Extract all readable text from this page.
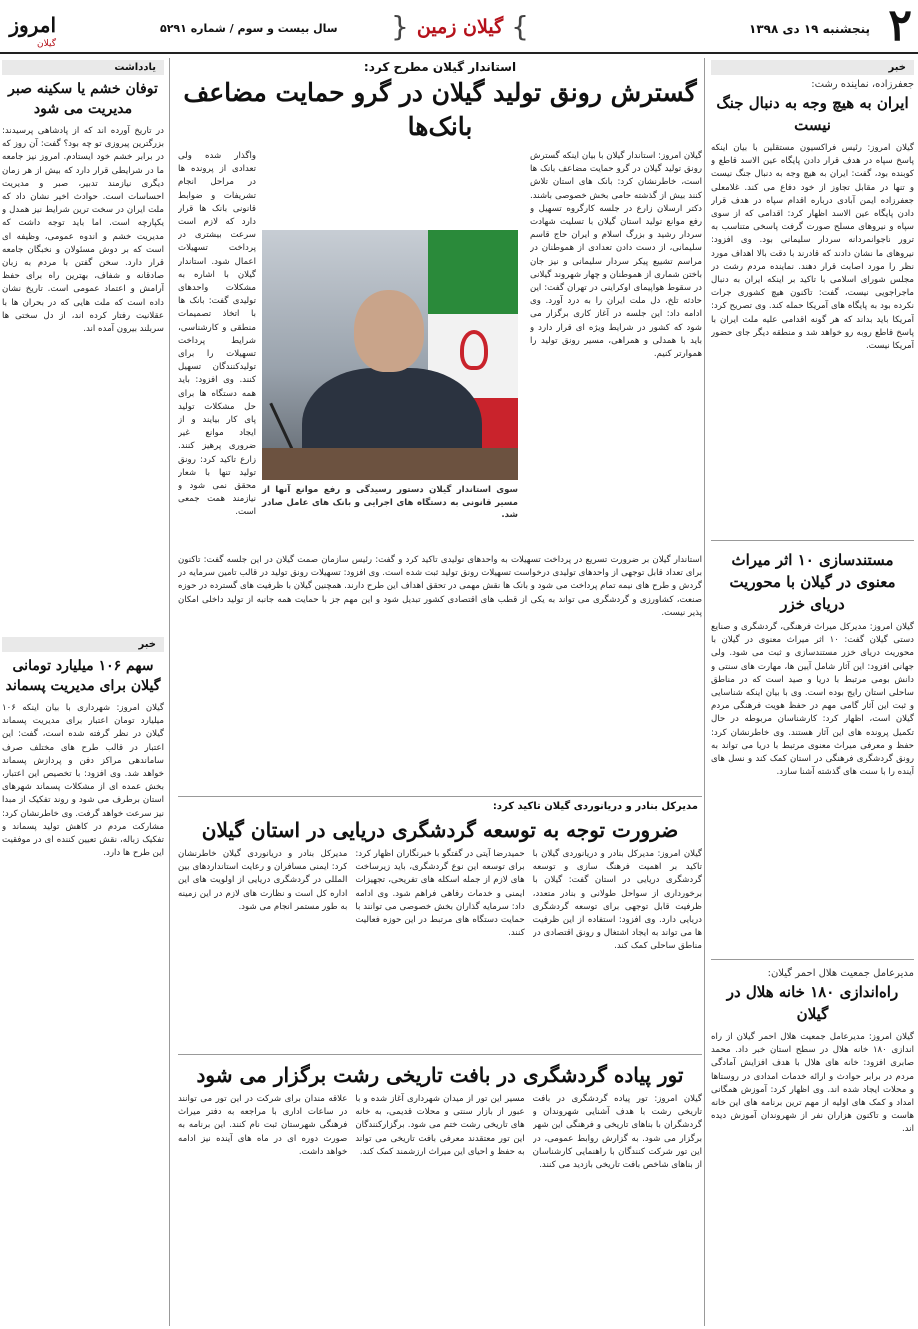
۲
پنجشنبه ۱۹ دی ۱۳۹۸
}
گیلان زمین
{
سال بیست و سوم / شماره ۵۲۹۱
امروز
گیلان
خبر
جعفرزاده، نماینده رشت:
ایران به هیچ وجه به دنبال جنگ نیست
گیلان امروز: رئیس فراکسیون مستقلین با بیان اینکه پاسخ سپاه در هدف قرار دادن پایگاه عین الاسد قاطع و کوبنده بود، گفت: ایران به هیچ وجه به دنبال جنگ نیست و تنها در مقابل تجاوز از خود دفاع می کند. غلامعلی جعفرزاده ایمن آبادی درباره اقدام سپاه در هدف قرار دادن پایگاه عین الاسد اظهار کرد: اقدامی که از سوی سپاه و نیروهای مسلح صورت گرفت پاسخی متناسب به ترور ناجوانمردانه سردار سلیمانی بود. وی افزود: نیروهای ما نشان دادند که قادرند با دقت بالا اهداف مورد نظر را مورد اصابت قرار دهند. نماینده مردم رشت در مجلس شورای اسلامی با تاکید بر اینکه ایران به دنبال ماجراجویی نیست، گفت: تاکنون هیچ کشوری جرات نکرده بود به پایگاه های آمریکا حمله کند. وی تصریح کرد: آمریکا باید بداند که هر گونه اقدامی علیه ملت ایران با پاسخ قاطع روبه رو خواهد شد و منطقه دیگر جای حضور آمریکا نیست.
مستندسازی ۱۰ اثر میراث معنوی در گیلان با محوریت دریای خزر
گیلان امروز: مدیرکل میراث فرهنگی، گردشگری و صنایع دستی گیلان گفت: ۱۰ اثر میراث معنوی در گیلان با محوریت دریای خزر مستندسازی و ثبت می شود. ولی جهانی افزود: این آثار شامل آیین ها، مهارت های سنتی و دانش بومی مرتبط با دریا و صید است که در مناطق ساحلی استان رایج بوده است. وی با بیان اینکه شناسایی و ثبت این آثار گامی مهم در حفظ هویت فرهنگی مردم گیلان است، اظهار کرد: کارشناسان مربوطه در حال تکمیل پرونده های این آثار هستند. وی خاطرنشان کرد: حفظ و معرفی میراث معنوی مرتبط با دریا می تواند به رونق گردشگری فرهنگی در استان کمک کند و نسل های آینده را با سنت های گذشته آشنا سازد.
مدیرعامل جمعیت هلال احمر گیلان:
راه‌اندازی ۱۸۰ خانه هلال در گیلان
گیلان امروز: مدیرعامل جمعیت هلال احمر گیلان از راه اندازی ۱۸۰ خانه هلال در سطح استان خبر داد. محمد صابری افزود: خانه های هلال با هدف افزایش آمادگی مردم در برابر حوادث و ارائه خدمات امدادی در روستاها و محلات ایجاد شده اند. وی اظهار کرد: آموزش همگانی امداد و کمک های اولیه از مهم ترین برنامه های این خانه هاست و تاکنون هزاران نفر از شهروندان آموزش دیده اند.
یادداشت
توفان خشم یا سکینه صبر مدیریت می شود
در تاریخ آورده اند که از پادشاهی پرسیدند: بزرگترین پیروزی تو چه بود؟ گفت: آن روز که در برابر خشم خود ایستادم. امروز نیز جامعه ما در شرایطی قرار دارد که بیش از هر زمان دیگری نیازمند تدبیر، صبر و مدیریت احساسات است. حوادث اخیر نشان داد که ملت ایران در سخت ترین شرایط نیز همدل و یکپارچه است. اما باید توجه داشت که مدیریت خشم و اندوه عمومی، وظیفه ای است که بر دوش مسئولان و نخبگان جامعه قرار دارد. سخن گفتن با مردم به زبان صادقانه و شفاف، بهترین راه برای حفظ آرامش و اعتماد عمومی است. تاریخ نشان داده است که ملت هایی که در بحران ها با عقلانیت رفتار کرده اند، از دل سختی ها سربلند بیرون آمده اند.
خبر
سهم ۱۰۶ میلیارد تومانی گیلان برای مدیریت پسماند
گیلان امروز: شهرداری با بیان اینکه ۱۰۶ میلیارد تومان اعتبار برای مدیریت پسماند گیلان در نظر گرفته شده است، گفت: این اعتبار در قالب طرح های مختلف صرف ساماندهی مراکز دفن و پردازش پسماند خواهد شد. وی افزود: با تخصیص این اعتبار، بخش عمده ای از مشکلات پسماند شهرهای استان برطرف می شود و روند تفکیک از مبدا نیز سرعت خواهد گرفت. وی خاطرنشان کرد: مشارکت مردم در کاهش تولید پسماند و تفکیک زباله، نقش تعیین کننده ای در موفقیت این طرح ها دارد.
استاندار گیلان مطرح کرد:
گسترش رونق تولید گیلان در گرو حمایت مضاعف بانک‌ها
گیلان امروز: استاندار گیلان با بیان اینکه گسترش رونق تولید گیلان در گرو حمایت مضاعف بانک ها است، خاطرنشان کرد: بانک های استان تلاش کنند بیش از گذشته حامی بخش خصوصی باشند. دکتر ارسلان زارع در جلسه کارگروه تسهیل و رفع موانع تولید استان گیلان با تسلیت شهادت سردار رشید و بزرگ اسلام و ایران حاج قاسم سلیمانی، از دست دادن تعدادی از هموطنان در مراسم تشییع پیکر سردار سلیمانی و نیز جان باختن شماری از هموطنان و چهار شهروند گیلانی در سقوط هواپیمای اوکراینی در تهران گفت: این حادثه تلخ، دل ملت ایران را به درد آورد. وی ادامه داد: این جلسه در آغاز کاری برگزار می شود که کشور در شرایط ویژه ای قرار دارد و باید با همدلی و همراهی، مسیر رونق تولید را هموارتر کنیم.
واگذار شده ولی تعدادی از پرونده ها در مراحل انجام تشریفات و ضوابط قانونی بانک ها قرار دارد که لازم است سرعت بیشتری در پرداخت تسهیلات اعمال شود. استاندار گیلان با اشاره به مشکلات واحدهای تولیدی گفت: بانک ها با اتخاذ تصمیمات منطقی و کارشناسی، شرایط پرداخت تسهیلات را برای تولیدکنندگان تسهیل کنند. وی افزود: باید همه دستگاه ها برای حل مشکلات تولید پای کار بیایند و از ایجاد موانع غیر ضروری پرهیز کنند. زارع تاکید کرد: رونق تولید تنها با شعار محقق نمی شود و نیازمند همت جمعی است.
سوی استاندار گیلان دستور رسیدگی و رفع موانع آنها از مسیر قانونی به دستگاه های اجرایی و بانک های عامل صادر شد.
استاندار گیلان بر ضرورت تسریع در پرداخت تسهیلات به واحدهای تولیدی تاکید کرد و گفت: رئیس سازمان صمت گیلان در این جلسه گفت: تاکنون برای تعداد قابل توجهی از واحدهای تولیدی درخواست تسهیلات رونق تولید ثبت شده است. وی افزود: تسهیلات رونق تولید در قالب تامین سرمایه در گردش و طرح های نیمه تمام پرداخت می شود و بانک ها نقش مهمی در تحقق اهداف این طرح دارند. همچنین گیلان با ظرفیت های گسترده در حوزه صنعت، کشاورزی و گردشگری می تواند به یکی از قطب های اقتصادی کشور تبدیل شود و این مهم جز با حمایت همه جانبه از تولید داخلی امکان پذیر نیست.
مدیرکل بنادر و دریانوردی گیلان تاکید کرد:
ضرورت توجه به توسعه گردشگری دریایی در استان گیلان
گیلان امروز: مدیرکل بنادر و دریانوردی گیلان با تاکید بر اهمیت فرهنگ سازی و توسعه گردشگری دریایی در استان گفت: گیلان با برخورداری از سواحل طولانی و بنادر متعدد، ظرفیت قابل توجهی برای توسعه گردشگری دریایی دارد. وی افزود: استفاده از این ظرفیت ها می تواند به ایجاد اشتغال و رونق اقتصادی در مناطق ساحلی کمک کند.
حمیدرضا آیتی در گفتگو با خبرنگاران اظهار کرد: برای توسعه این نوع گردشگری، باید زیرساخت های لازم از جمله اسکله های تفریحی، تجهیزات ایمنی و خدمات رفاهی فراهم شود. وی ادامه داد: سرمایه گذاران بخش خصوصی می توانند با حمایت دستگاه های مرتبط در این حوزه فعالیت کنند.
مدیرکل بنادر و دریانوردی گیلان خاطرنشان کرد: ایمنی مسافران و رعایت استانداردهای بین المللی در گردشگری دریایی از اولویت های این اداره کل است و نظارت های لازم در این زمینه به طور مستمر انجام می شود.
تور پیاده گردشگری در بافت تاریخی رشت برگزار می شود
گیلان امروز: تور پیاده گردشگری در بافت تاریخی رشت با هدف آشنایی شهروندان و گردشگران با بناهای تاریخی و فرهنگی این شهر برگزار می شود. به گزارش روابط عمومی، در این تور شرکت کنندگان با راهنمایی کارشناسان از بناهای شاخص بافت تاریخی بازدید می کنند.
مسیر این تور از میدان شهرداری آغاز شده و با عبور از بازار سنتی و محلات قدیمی، به خانه های تاریخی رشت ختم می شود. برگزارکنندگان این تور معتقدند معرفی بافت تاریخی می تواند به حفظ و احیای این میراث ارزشمند کمک کند.
علاقه مندان برای شرکت در این تور می توانند در ساعات اداری با مراجعه به دفتر میراث فرهنگی شهرستان ثبت نام کنند. این برنامه به صورت دوره ای در ماه های آینده نیز ادامه خواهد داشت.
